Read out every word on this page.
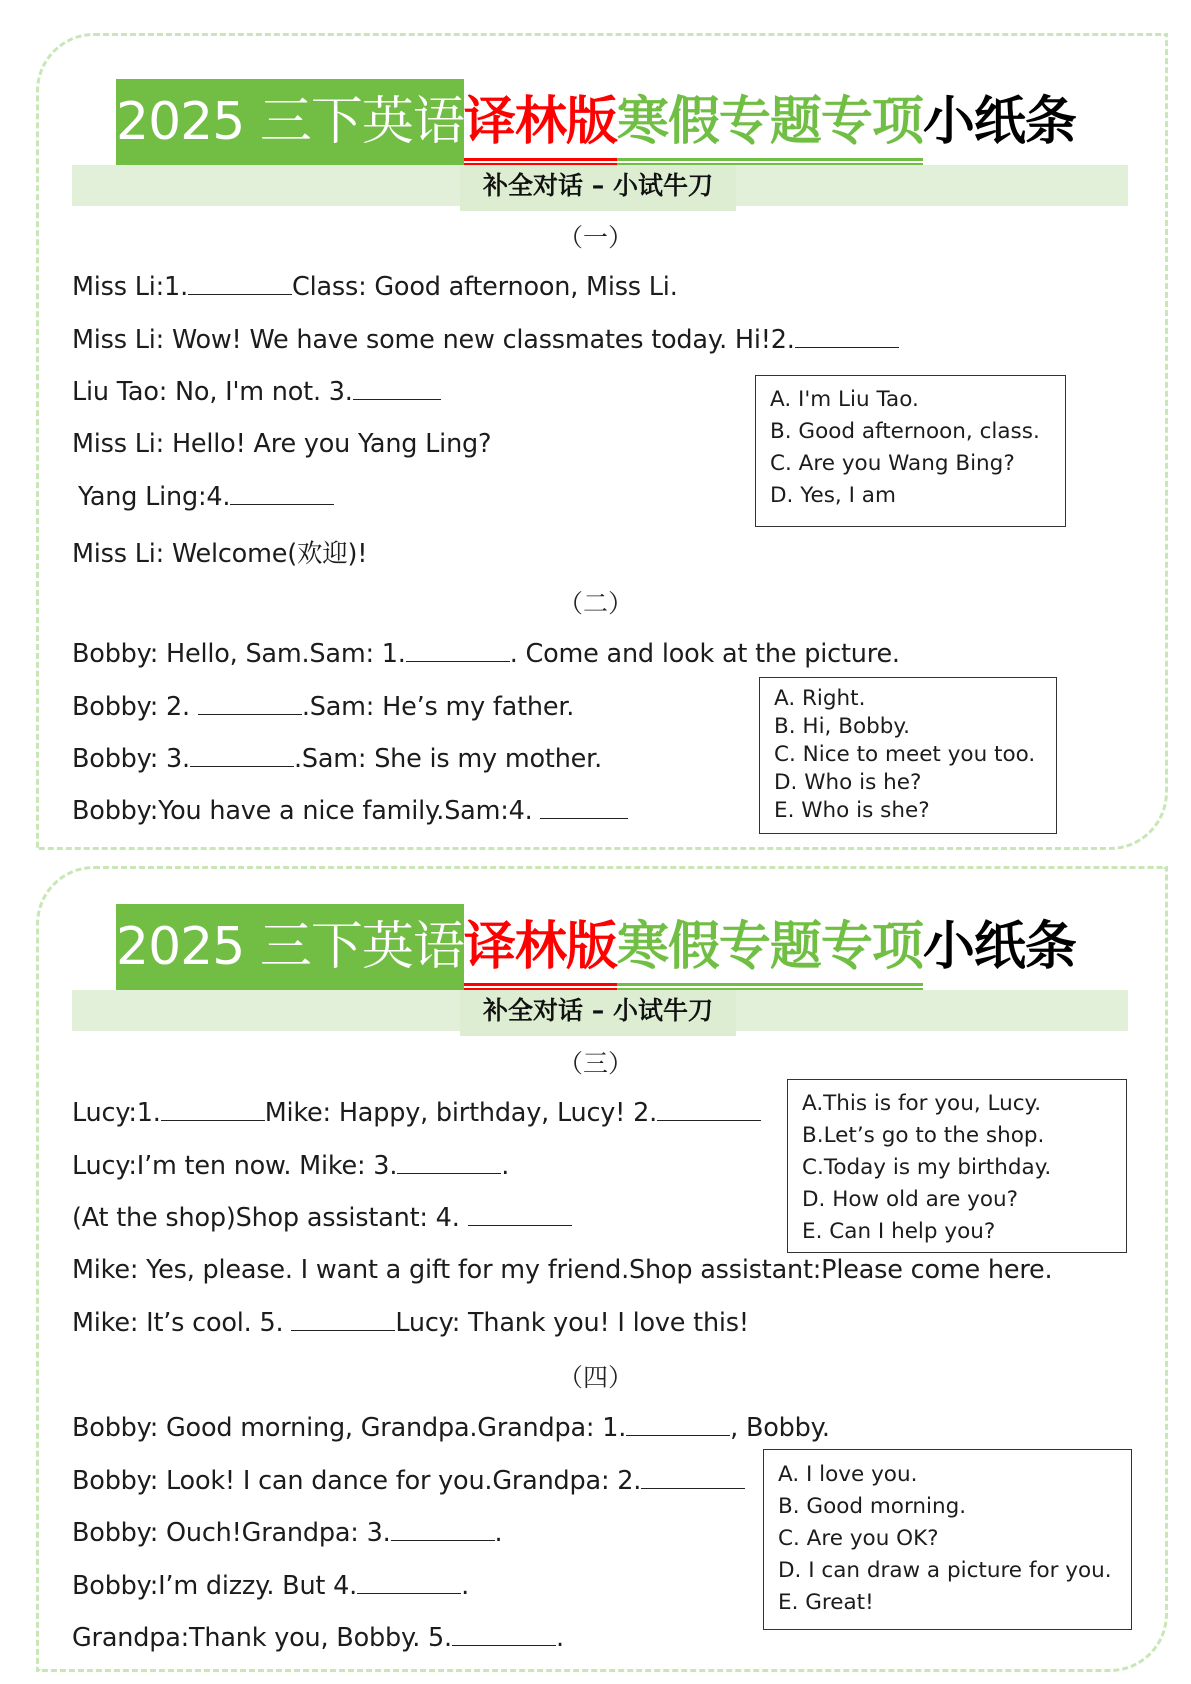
2025 三下英语 译林版 寒假专题专项 小纸条
补全对话 – 小试牛刀
（一）
Miss Li:1.	Class: Good afternoon, Miss Li.
Miss Li: Wow! We have some new classmates today. Hi!2.
Liu Tao: No, I'm not. 3.
Miss Li: Hello! Are you Yang Ling?
Yang Ling:4.
Miss Li: Welcome(欢迎)!
A. I'm Liu Tao.
B. Good afternoon, class.
C. Are you Wang Bing?
D. Yes, I am
（二）
Bobby: Hello, Sam.Sam: 1.	. Come and look at the picture.
Bobby: 2.	.Sam: He’s my father.
Bobby: 3.	.Sam: She is my mother.
Bobby:You have a nice family.Sam:4.
A. Right.
B. Hi, Bobby.
C. Nice to meet you too.
D. Who is he?
E. Who is she?
2025 三下英语 译林版 寒假专题专项 小纸条
补全对话 – 小试牛刀
（三）
Lucy:1.	Mike: Happy, birthday, Lucy! 2.
Lucy:I’m ten now. Mike: 3.	.
(At the shop)Shop assistant: 4.
Mike: Yes, please. I want a gift for my friend.Shop assistant:Please come here.
Mike: It’s cool. 5.	Lucy: Thank you! I love this!
A.This is for you, Lucy.
B.Let’s go to the shop.
C.Today is my birthday.
D. How old are you?
E. Can I help you?
（四）
Bobby: Good morning, Grandpa.Grandpa: 1.	, Bobby.
Bobby: Look! I can dance for you.Grandpa: 2.
Bobby: Ouch!Grandpa: 3.	.
Bobby:I’m dizzy. But 4.	.
Grandpa:Thank you, Bobby. 5.	.
A. I love you.
B. Good morning.
C. Are you OK?
D. I can draw a picture for you.
E. Great!
